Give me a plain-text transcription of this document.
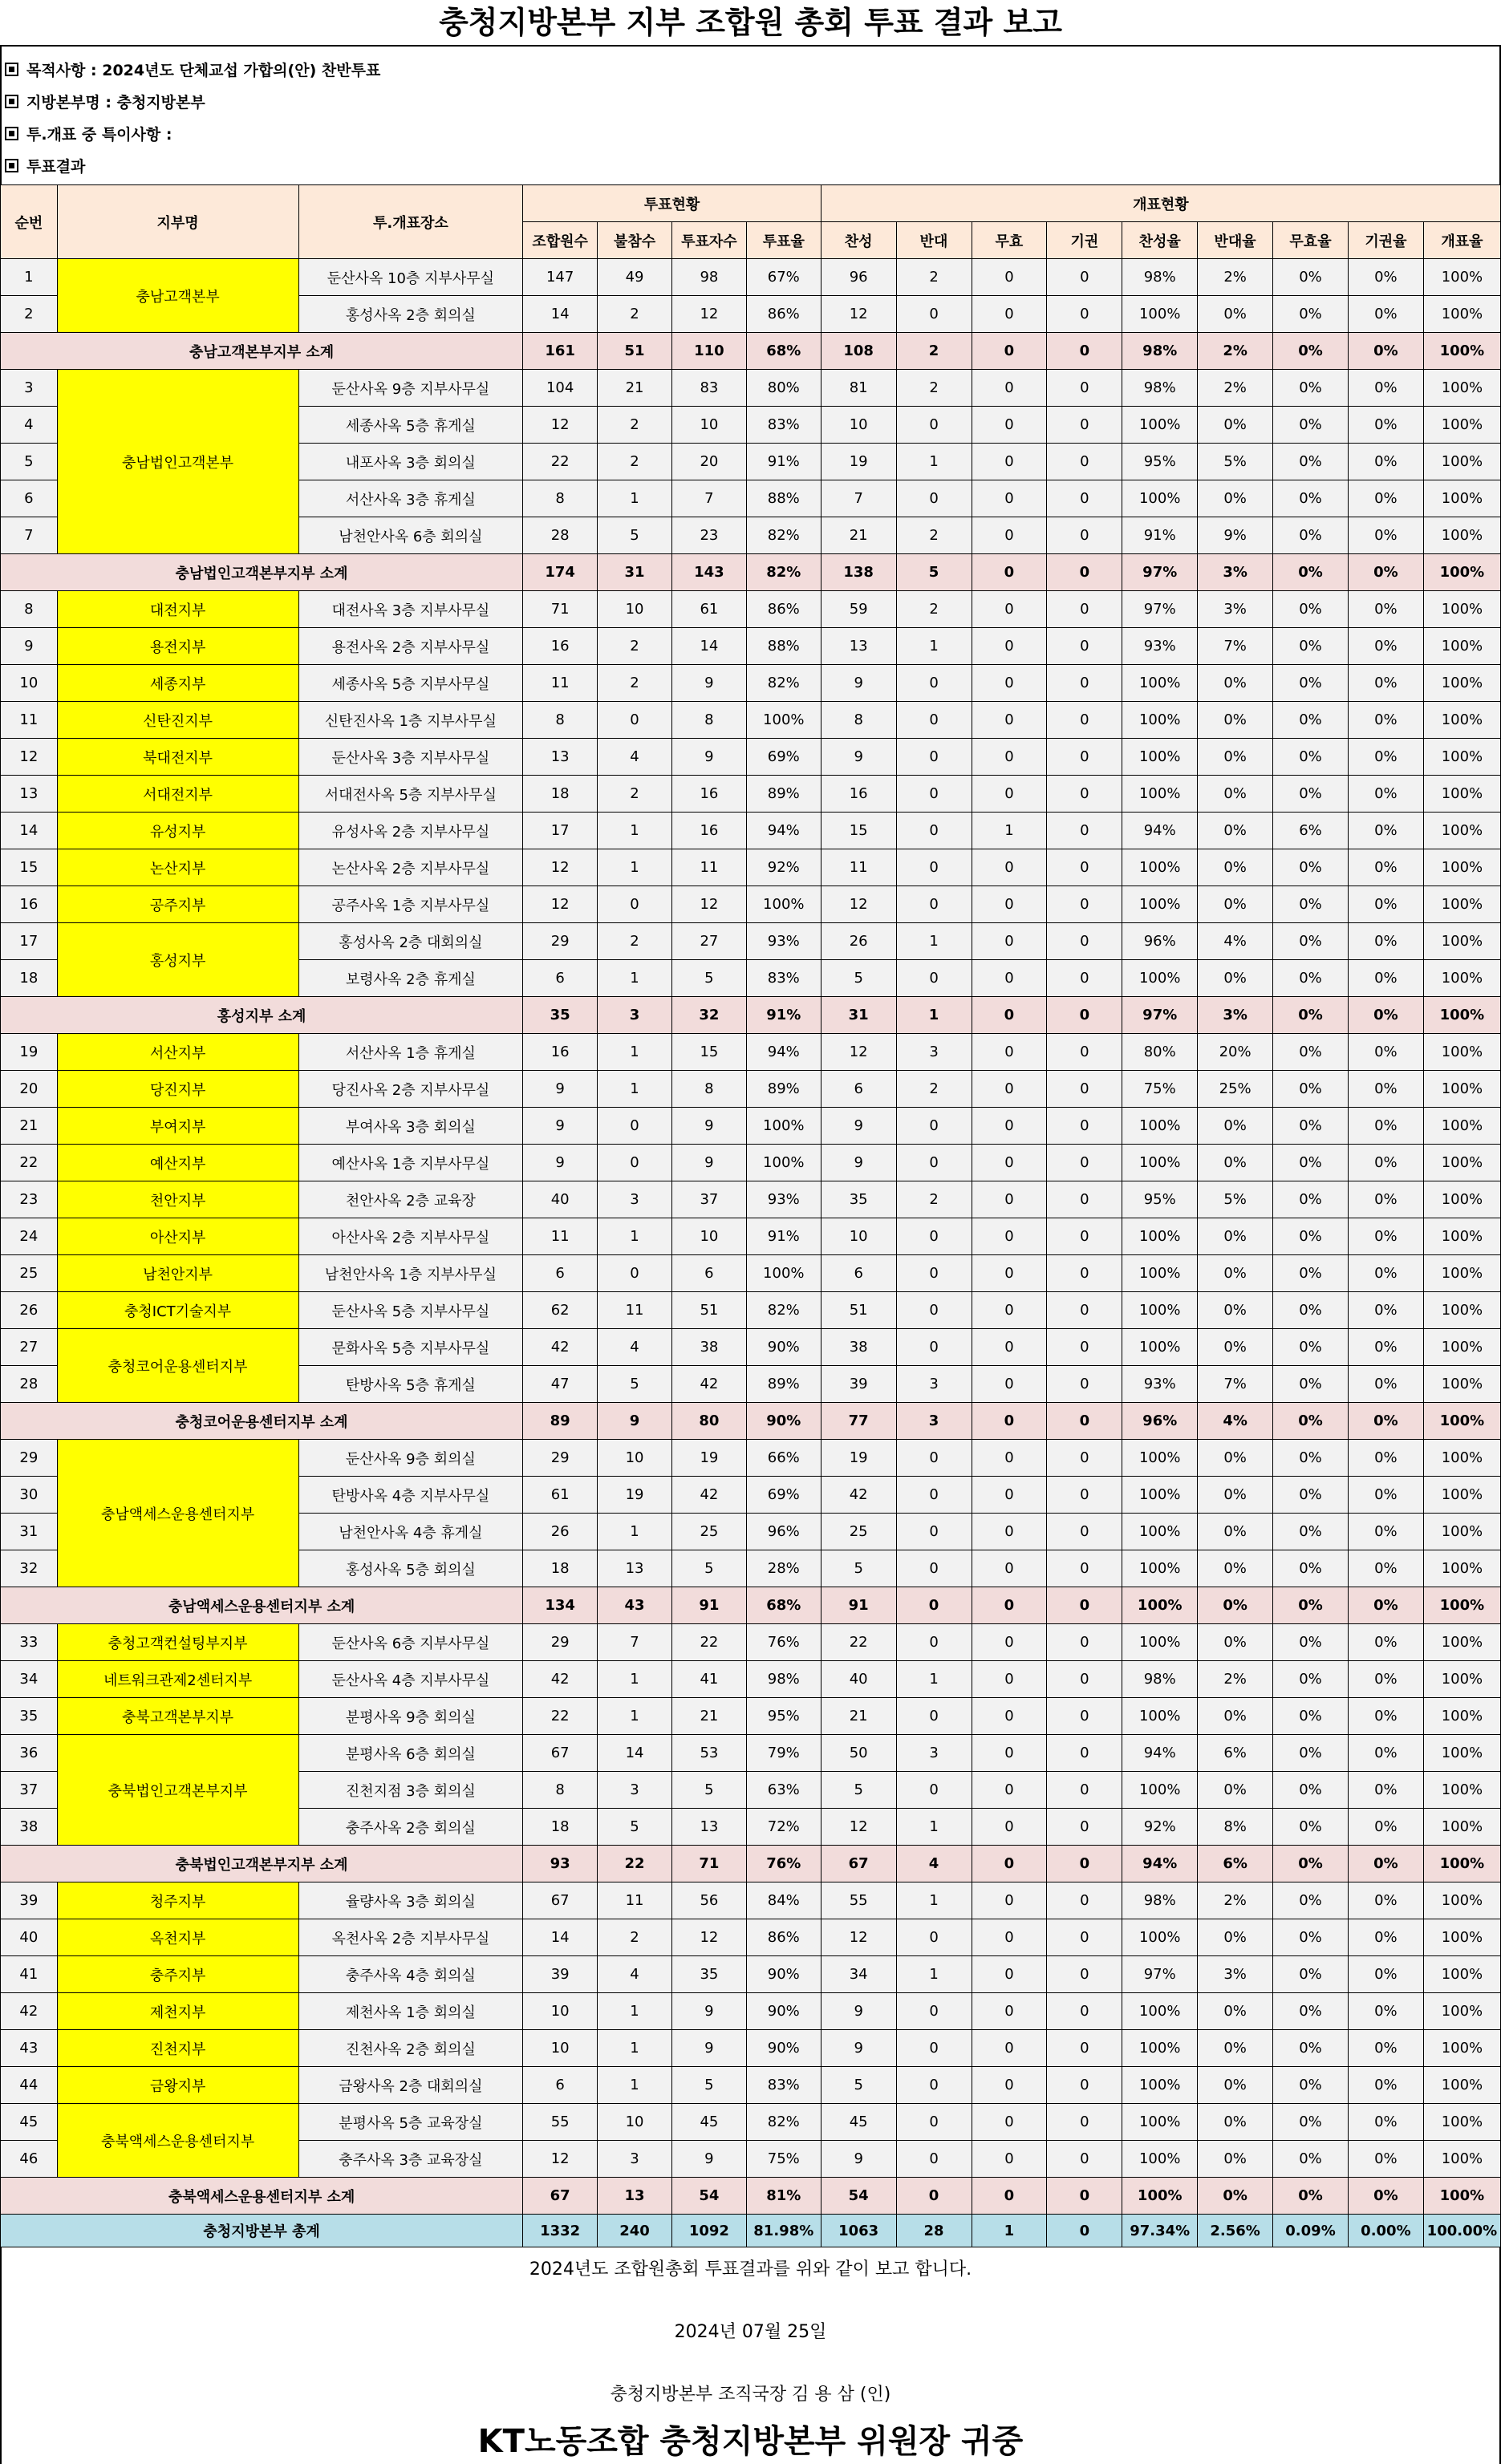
충청지방본부 지부 조합원 총회 투표 결과 보고
목적사항 : 2024년도 단체교섭 가합의(안) 찬반투표
지방본부명 : 충청지방본부
투.개표 중 특이사항 :
투표결과
순번	지부명	투.개표장소	투표현황				개표현황								
			조합원수	불참수	투표자수	투표율	찬성	반대	무효	기권	찬성율	반대율	무효율	기권율	개표율
1	충남고객본부	둔산사옥 10층 지부사무실	147	49	98	67%	96	2	0	0	98%	2%	0%	0%	100%
2		홍성사옥 2층 회의실	14	2	12	86%	12	0	0	0	100%	0%	0%	0%	100%
충남고객본부지부 소계			161	51	110	68%	108	2	0	0	98%	2%	0%	0%	100%
3	충남법인고객본부	둔산사옥 9층 지부사무실	104	21	83	80%	81	2	0	0	98%	2%	0%	0%	100%
4		세종사옥 5층 휴게실	12	2	10	83%	10	0	0	0	100%	0%	0%	0%	100%
5		내포사옥 3층 회의실	22	2	20	91%	19	1	0	0	95%	5%	0%	0%	100%
6		서산사옥 3층 휴게실	8	1	7	88%	7	0	0	0	100%	0%	0%	0%	100%
7		남천안사옥 6층 회의실	28	5	23	82%	21	2	0	0	91%	9%	0%	0%	100%
충남법인고객본부지부 소계			174	31	143	82%	138	5	0	0	97%	3%	0%	0%	100%
8	대전지부	대전사옥 3층 지부사무실	71	10	61	86%	59	2	0	0	97%	3%	0%	0%	100%
9	용전지부	용전사옥 2층 지부사무실	16	2	14	88%	13	1	0	0	93%	7%	0%	0%	100%
10	세종지부	세종사옥 5층 지부사무실	11	2	9	82%	9	0	0	0	100%	0%	0%	0%	100%
11	신탄진지부	신탄진사옥 1층 지부사무실	8	0	8	100%	8	0	0	0	100%	0%	0%	0%	100%
12	북대전지부	둔산사옥 3층 지부사무실	13	4	9	69%	9	0	0	0	100%	0%	0%	0%	100%
13	서대전지부	서대전사옥 5층 지부사무실	18	2	16	89%	16	0	0	0	100%	0%	0%	0%	100%
14	유성지부	유성사옥 2층 지부사무실	17	1	16	94%	15	0	1	0	94%	0%	6%	0%	100%
15	논산지부	논산사옥 2층 지부사무실	12	1	11	92%	11	0	0	0	100%	0%	0%	0%	100%
16	공주지부	공주사옥 1층 지부사무실	12	0	12	100%	12	0	0	0	100%	0%	0%	0%	100%
17	홍성지부	홍성사옥 2층 대회의실	29	2	27	93%	26	1	0	0	96%	4%	0%	0%	100%
18		보령사옥 2층 휴게실	6	1	5	83%	5	0	0	0	100%	0%	0%	0%	100%
홍성지부 소계			35	3	32	91%	31	1	0	0	97%	3%	0%	0%	100%
19	서산지부	서산사옥 1층 휴게실	16	1	15	94%	12	3	0	0	80%	20%	0%	0%	100%
20	당진지부	당진사옥 2층 지부사무실	9	1	8	89%	6	2	0	0	75%	25%	0%	0%	100%
21	부여지부	부여사옥 3층 회의실	9	0	9	100%	9	0	0	0	100%	0%	0%	0%	100%
22	예산지부	예산사옥 1층 지부사무실	9	0	9	100%	9	0	0	0	100%	0%	0%	0%	100%
23	천안지부	천안사옥 2층 교육장	40	3	37	93%	35	2	0	0	95%	5%	0%	0%	100%
24	아산지부	아산사옥 2층 지부사무실	11	1	10	91%	10	0	0	0	100%	0%	0%	0%	100%
25	남천안지부	남천안사옥 1층 지부사무실	6	0	6	100%	6	0	0	0	100%	0%	0%	0%	100%
26	충청ICT기술지부	둔산사옥 5층 지부사무실	62	11	51	82%	51	0	0	0	100%	0%	0%	0%	100%
27	충청코어운용센터지부	문화사옥 5층 지부사무실	42	4	38	90%	38	0	0	0	100%	0%	0%	0%	100%
28		탄방사옥 5층 휴게실	47	5	42	89%	39	3	0	0	93%	7%	0%	0%	100%
충청코어운용센터지부 소계			89	9	80	90%	77	3	0	0	96%	4%	0%	0%	100%
29	충남액세스운용센터지부	둔산사옥 9층 회의실	29	10	19	66%	19	0	0	0	100%	0%	0%	0%	100%
30		탄방사옥 4층 지부사무실	61	19	42	69%	42	0	0	0	100%	0%	0%	0%	100%
31		남천안사옥 4층 휴게실	26	1	25	96%	25	0	0	0	100%	0%	0%	0%	100%
32		홍성사옥 5층 회의실	18	13	5	28%	5	0	0	0	100%	0%	0%	0%	100%
충남액세스운용센터지부 소계			134	43	91	68%	91	0	0	0	100%	0%	0%	0%	100%
33	충청고객컨설팅부지부	둔산사옥 6층 지부사무실	29	7	22	76%	22	0	0	0	100%	0%	0%	0%	100%
34	네트워크관제2센터지부	둔산사옥 4층 지부사무실	42	1	41	98%	40	1	0	0	98%	2%	0%	0%	100%
35	충북고객본부지부	분평사옥 9층 회의실	22	1	21	95%	21	0	0	0	100%	0%	0%	0%	100%
36	충북법인고객본부지부	분평사옥 6층 회의실	67	14	53	79%	50	3	0	0	94%	6%	0%	0%	100%
37		진천지점 3층 회의실	8	3	5	63%	5	0	0	0	100%	0%	0%	0%	100%
38		충주사옥 2층 회의실	18	5	13	72%	12	1	0	0	92%	8%	0%	0%	100%
충북법인고객본부지부 소계			93	22	71	76%	67	4	0	0	94%	6%	0%	0%	100%
39	청주지부	율량사옥 3층 회의실	67	11	56	84%	55	1	0	0	98%	2%	0%	0%	100%
40	옥천지부	옥천사옥 2층 지부사무실	14	2	12	86%	12	0	0	0	100%	0%	0%	0%	100%
41	충주지부	충주사옥 4층 회의실	39	4	35	90%	34	1	0	0	97%	3%	0%	0%	100%
42	제천지부	제천사옥 1층 회의실	10	1	9	90%	9	0	0	0	100%	0%	0%	0%	100%
43	진천지부	진천사옥 2층 회의실	10	1	9	90%	9	0	0	0	100%	0%	0%	0%	100%
44	금왕지부	금왕사옥 2층 대회의실	6	1	5	83%	5	0	0	0	100%	0%	0%	0%	100%
45	충북액세스운용센터지부	분평사옥 5층 교육장실	55	10	45	82%	45	0	0	0	100%	0%	0%	0%	100%
46		충주사옥 3층 교육장실	12	3	9	75%	9	0	0	0	100%	0%	0%	0%	100%
충북액세스운용센터지부 소계			67	13	54	81%	54	0	0	0	100%	0%	0%	0%	100%
충청지방본부 총계			1332	240	1092	81.98%	1063	28	1	0	97.34%	2.56%	0.09%	0.00%	100.00%
2024년도 조합원총회 투표결과를 위와 같이 보고 합니다.
2024년 07월 25일
충청지방본부 조직국장 김 용 삼 (인)
KT노동조합 충청지방본부 위원장 귀중
